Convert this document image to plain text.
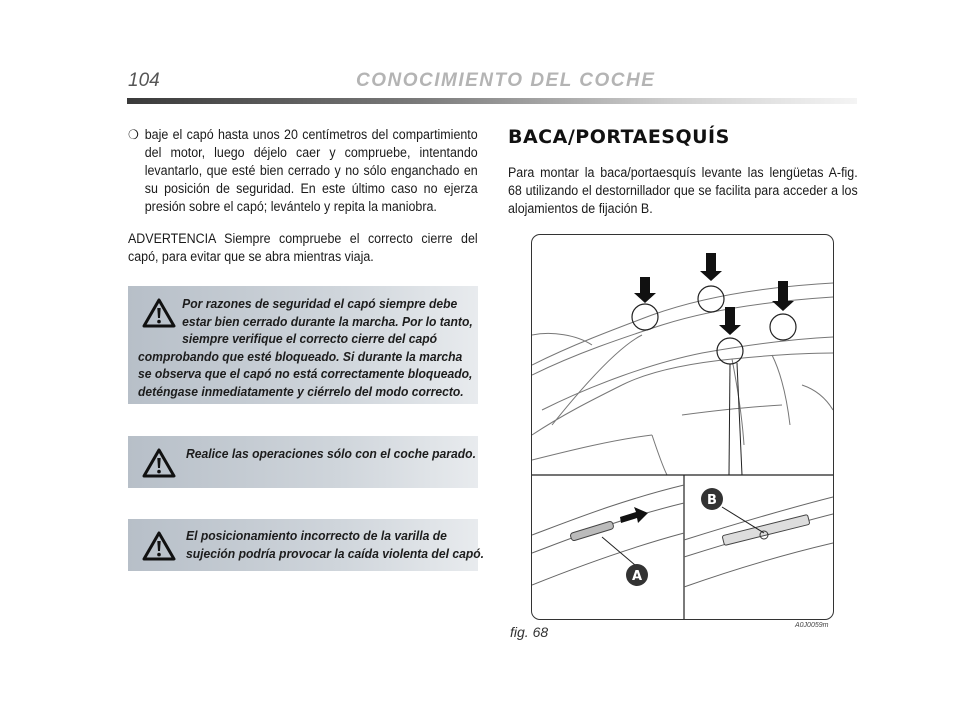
104	CONOCIMIENTO DEL COCHE
❍ baje el capó hasta unos 20 centímetros del compartimiento del motor, luego déjelo caer y compruebe, intentando levantarlo, que esté bien cerrado y no sólo enganchado en su posición de seguridad. En este último caso no ejerza presión sobre el capó; levántelo y repita la maniobra.
ADVERTENCIA Siempre compruebe el correcto cierre del capó, para evitar que se abra mientras viaja.
Por razones de seguridad el capó siempre debe estar bien cerrado durante la marcha. Por lo tanto, siempre verifique el correcto cierre del capó comprobando que esté bloqueado. Si durante la marcha se observa que el capó no está correctamente bloqueado, deténgase inmediatamente y ciérrelo del modo correcto.
Realice las operaciones sólo con el coche parado.
El posicionamiento incorrecto de la varilla de sujeción podría provocar la caída violenta del capó.
BACA/PORTAESQUÍS
Para montar la baca/portaesquís levante las lengüetas A-fig. 68 utilizando el destornillador que se facilita para acceder a los alojamientos de fijación B.
A
B
fig. 68	A0J0059m
